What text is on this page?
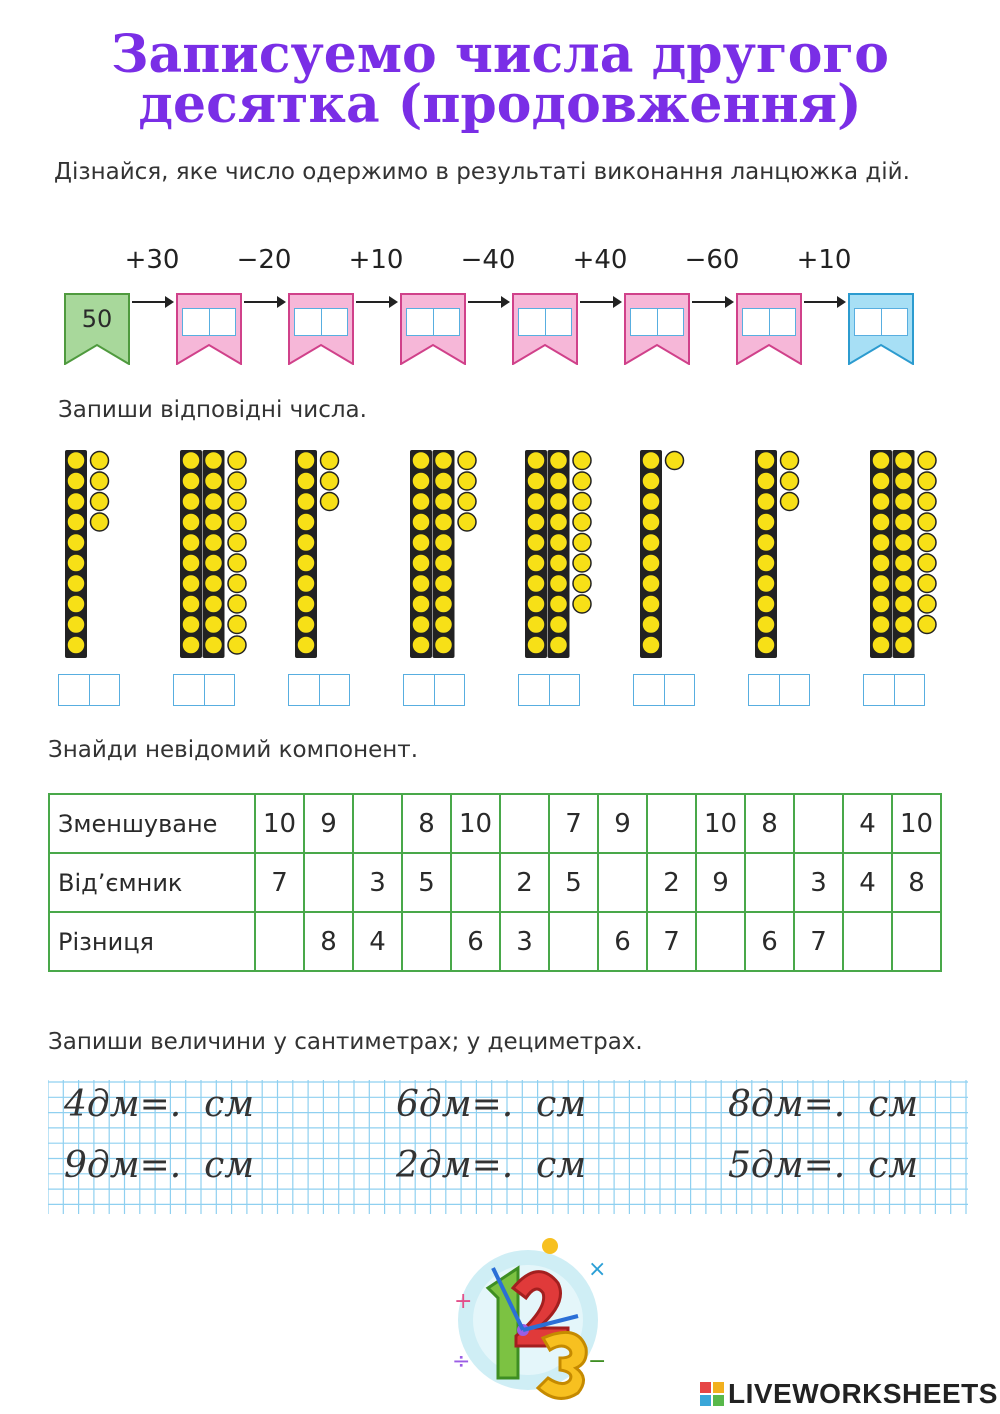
Записуемо числа другого
десятка (продовження)
Дізнайся, яке число одержимо в результаті виконання ланцюжка дій.
50
+30	−20	+10	−40	+40	−60	+10
Запиши відповідні числа.
Знайди невідомий компонент.
Зменшуване	10	9		8	10		7	9		10	8		4	10
Від’ємник	7		3	5		2	5		2	9		3	4	8
Різниця		8	4		6	3		6	7		6	7		
Запиши величини у сантиметрах; у дециметрах.
4дм=.  см	6дм=.  см	8дм=.  см
9дм=.  см	2дм=.  см	5дм=.  см
+
×
÷	−
LIVEWORKSHEETS
